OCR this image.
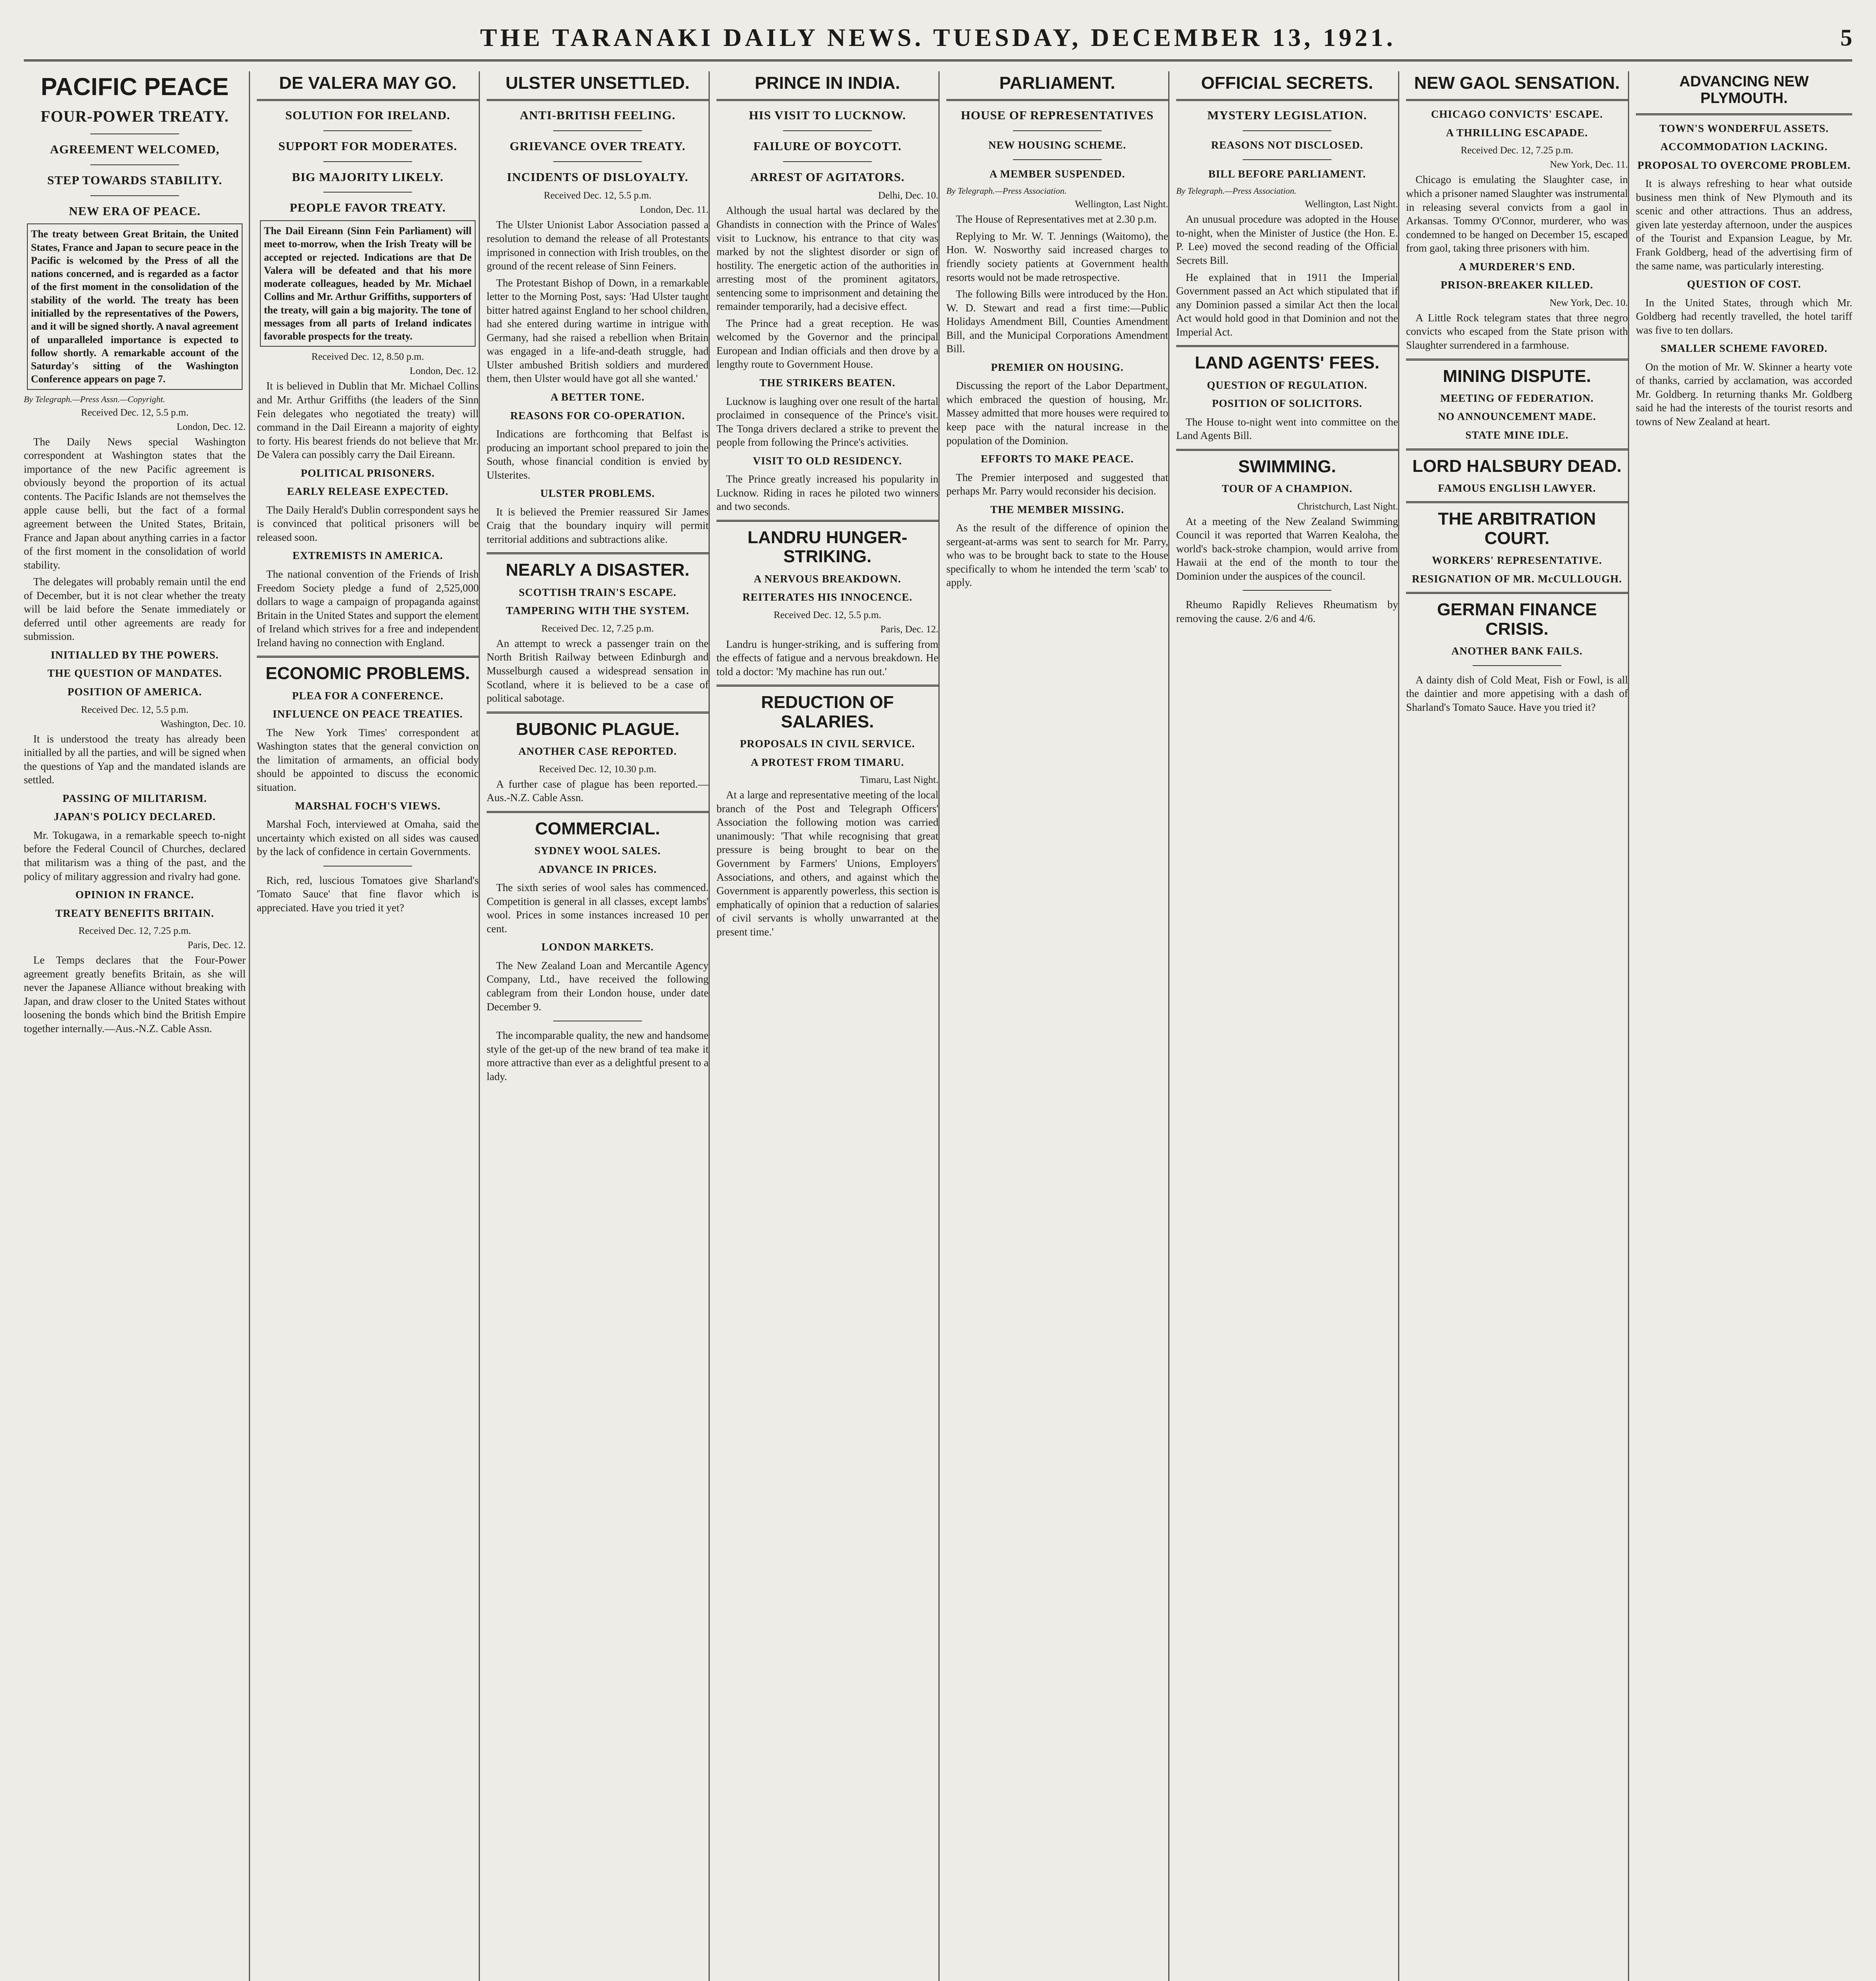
THE TARANAKI DAILY NEWS. TUESDAY, DECEMBER 13, 1921.	5
PACIFIC PEACE
FOUR-POWER TREATY.
AGREEMENT WELCOMED,
STEP TOWARDS STABILITY.
NEW ERA OF PEACE.
The treaty between Great Britain, the United States, France and Japan to secure peace in the Pacific is welcomed by the Press of all the nations concerned, and is regarded as a factor of the first moment in the consolidation of the stability of the world. The treaty has been initialled by the representatives of the Powers, and it will be signed shortly. A naval agreement of unparalleled importance is expected to follow shortly. A remarkable account of the Saturday's sitting of the Washington Conference appears on page 7.
By Telegraph.—Press Assn.—Copyright.
Received Dec. 12, 5.5 p.m.
London, Dec. 12.

The Daily News special Washington correspondent at Washington states that the importance of the new Pacific agreement is obviously beyond the proportion of its actual contents. The Pacific Islands are not themselves the apple cause belli, but the fact of a formal agreement between the United States, Britain, France and Japan about anything carries in a factor of the first moment in the consolidation of world stability.

The delegates will probably remain until the end of December, but it is not clear whether the treaty will be laid before the Senate immediately or deferred until other agreements are ready for submission.

INITIALLED BY THE POWERS.
THE QUESTION OF MANDATES.
POSITION OF AMERICA.
Received Dec. 12, 5.5 p.m.
Washington, Dec. 10.

It is understood the treaty has already been initialled by all the parties, and will be signed when the questions of Yap and the mandated islands are settled.

PASSING OF MILITARISM.
JAPAN'S POLICY DECLARED.

Mr. Tokugawa, in a remarkable speech to-night before the Federal Council of Churches, declared that militarism was a thing of the past, and the policy of military aggression and rivalry had gone.

OPINION IN FRANCE.
TREATY BENEFITS BRITAIN.
Received Dec. 12, 7.25 p.m.
Paris, Dec. 12.

Le Temps declares that the Four-Power agreement greatly benefits Britain, as she will never the Japanese Alliance without breaking with Japan, and draw closer to the United States without loosening the bonds which bind the British Empire together internally.—Aus.-N.Z. Cable Assn.

DE VALERA MAY GO.
SOLUTION FOR IRELAND.
SUPPORT FOR MODERATES.
BIG MAJORITY LIKELY.
PEOPLE FAVOR TREATY.
The Dail Eireann (Sinn Fein Parliament) will meet to-morrow, when the Irish Treaty will be accepted or rejected. Indications are that De Valera will be defeated and that his more moderate colleagues, headed by Mr. Michael Collins and Mr. Arthur Griffiths, supporters of the treaty, will gain a big majority. The tone of messages from all parts of Ireland indicates favorable prospects for the treaty.
Received Dec. 12, 8.50 p.m.
London, Dec. 12.

It is believed in Dublin that Mr. Michael Collins and Mr. Arthur Griffiths (the leaders of the Sinn Fein delegates who negotiated the treaty) will command in the Dail Eireann a majority of eighty to forty. His bearest friends do not believe that Mr. De Valera can possibly carry the Dail Eireann.

POLITICAL PRISONERS.
EARLY RELEASE EXPECTED.

The Daily Herald's Dublin correspondent says he is convinced that political prisoners will be released soon.

EXTREMISTS IN AMERICA.

The national convention of the Friends of Irish Freedom Society pledge a fund of 2,525,000 dollars to wage a campaign of propaganda against Britain in the United States and support the element of Ireland which strives for a free and independent Ireland having no connection with England.

ECONOMIC PROBLEMS.
PLEA FOR A CONFERENCE.
INFLUENCE ON PEACE TREATIES.

The New York Times' correspondent at Washington states that the general conviction on the limitation of armaments, an official body should be appointed to discuss the economic situation.

MARSHAL FOCH'S VIEWS.

Marshal Foch, interviewed at Omaha, said the uncertainty which existed on all sides was caused by the lack of confidence in certain Governments.

Rich, red, luscious Tomatoes give Sharland's 'Tomato Sauce' that fine flavor which is appreciated. Have you tried it yet?

ULSTER UNSETTLED.
ANTI-BRITISH FEELING.
GRIEVANCE OVER TREATY.
INCIDENTS OF DISLOYALTY.
Received Dec. 12, 5.5 p.m.
London, Dec. 11.

The Ulster Unionist Labor Association passed a resolution to demand the release of all Protestants imprisoned in connection with Irish troubles, on the ground of the recent release of Sinn Feiners.

The Protestant Bishop of Down, in a remarkable letter to the Morning Post, says: 'Had Ulster taught bitter hatred against England to her school children, had she entered during wartime in intrigue with Germany, had she raised a rebellion when Britain was engaged in a life-and-death struggle, had Ulster ambushed British soldiers and murdered them, then Ulster would have got all she wanted.'

A BETTER TONE.
REASONS FOR CO-OPERATION.

Indications are forthcoming that Belfast is producing an important school prepared to join the South, whose financial condition is envied by Ulsterites.

ULSTER PROBLEMS.

It is believed the Premier reassured Sir James Craig that the boundary inquiry will permit territorial additions and subtractions alike.

NEARLY A DISASTER.
SCOTTISH TRAIN'S ESCAPE.
TAMPERING WITH THE SYSTEM.
Received Dec. 12, 7.25 p.m.

An attempt to wreck a passenger train on the North British Railway between Edinburgh and Musselburgh caused a widespread sensation in Scotland, where it is believed to be a case of political sabotage.

BUBONIC PLAGUE.
ANOTHER CASE REPORTED.
Received Dec. 12, 10.30 p.m.

A further case of plague has been reported.—Aus.-N.Z. Cable Assn.

COMMERCIAL.
SYDNEY WOOL SALES.
ADVANCE IN PRICES.

The sixth series of wool sales has commenced. Competition is general in all classes, except lambs' wool. Prices in some instances increased 10 per cent.

LONDON MARKETS.

The New Zealand Loan and Mercantile Agency Company, Ltd., have received the following cablegram from their London house, under date December 9.

The incomparable quality, the new and handsome style of the get-up of the new brand of tea make it more attractive than ever as a delightful present to a lady.

PRINCE IN INDIA.
HIS VISIT TO LUCKNOW.
FAILURE OF BOYCOTT.
ARREST OF AGITATORS.
Delhi, Dec. 10.

Although the usual hartal was declared by the Ghandists in connection with the Prince of Wales' visit to Lucknow, his entrance to that city was marked by not the slightest disorder or sign of hostility. The energetic action of the authorities in arresting most of the prominent agitators, sentencing some to imprisonment and detaining the remainder temporarily, had a decisive effect.

The Prince had a great reception. He was welcomed by the Governor and the principal European and Indian officials and then drove by a lengthy route to Government House.

THE STRIKERS BEATEN.

Lucknow is laughing over one result of the hartal proclaimed in consequence of the Prince's visit. The Tonga drivers declared a strike to prevent the people from following the Prince's activities.

VISIT TO OLD RESIDENCY.

The Prince greatly increased his popularity in Lucknow. Riding in races he piloted two winners and two seconds.

LANDRU HUNGER-STRIKING.
A NERVOUS BREAKDOWN.
REITERATES HIS INNOCENCE.
Received Dec. 12, 5.5 p.m.
Paris, Dec. 12.

Landru is hunger-striking, and is suffering from the effects of fatigue and a nervous breakdown. He told a doctor: 'My machine has run out.'

REDUCTION OF SALARIES.
PROPOSALS IN CIVIL SERVICE.
A PROTEST FROM TIMARU.
Timaru, Last Night.

At a large and representative meeting of the local branch of the Post and Telegraph Officers' Association the following motion was carried unanimously: 'That while recognising that great pressure is being brought to bear on the Government by Farmers' Unions, Employers' Associations, and others, and against which the Government is apparently powerless, this section is emphatically of opinion that a reduction of salaries of civil servants is wholly unwarranted at the present time.'

PARLIAMENT.
HOUSE OF REPRESENTATIVES
NEW HOUSING SCHEME.
A MEMBER SUSPENDED.
By Telegraph.—Press Association.
Wellington, Last Night.

The House of Representatives met at 2.30 p.m.

Replying to Mr. W. T. Jennings (Waitomo), the Hon. W. Nosworthy said increased charges to friendly society patients at Government health resorts would not be made retrospective.

The following Bills were introduced by the Hon. W. D. Stewart and read a first time:—Public Holidays Amendment Bill, Counties Amendment Bill, and the Municipal Corporations Amendment Bill.

PREMIER ON HOUSING.

Discussing the report of the Labor Department, which embraced the question of housing, Mr. Massey admitted that more houses were required to keep pace with the natural increase in the population of the Dominion.

EFFORTS TO MAKE PEACE.

The Premier interposed and suggested that perhaps Mr. Parry would reconsider his decision.

THE MEMBER MISSING.

As the result of the difference of opinion the sergeant-at-arms was sent to search for Mr. Parry, who was to be brought back to state to the House specifically to whom he intended the term 'scab' to apply.

OFFICIAL SECRETS.
MYSTERY LEGISLATION.
REASONS NOT DISCLOSED.
BILL BEFORE PARLIAMENT.
By Telegraph.—Press Association.
Wellington, Last Night.

An unusual procedure was adopted in the House to-night, when the Minister of Justice (the Hon. E. P. Lee) moved the second reading of the Official Secrets Bill.

He explained that in 1911 the Imperial Government passed an Act which stipulated that if any Dominion passed a similar Act then the local Act would hold good in that Dominion and not the Imperial Act.

LAND AGENTS' FEES.
QUESTION OF REGULATION.
POSITION OF SOLICITORS.

The House to-night went into committee on the Land Agents Bill.

SWIMMING.
TOUR OF A CHAMPION.
Christchurch, Last Night.

At a meeting of the New Zealand Swimming Council it was reported that Warren Kealoha, the world's back-stroke champion, would arrive from Hawaii at the end of the month to tour the Dominion under the auspices of the council.

Rheumo Rapidly Relieves Rheumatism by removing the cause. 2/6 and 4/6.

NEW GAOL SENSATION.
CHICAGO CONVICTS' ESCAPE.
A THRILLING ESCAPADE.
Received Dec. 12, 7.25 p.m.
New York, Dec. 11.

Chicago is emulating the Slaughter case, in which a prisoner named Slaughter was instrumental in releasing several convicts from a gaol in Arkansas. Tommy O'Connor, murderer, who was condemned to be hanged on December 15, escaped from gaol, taking three prisoners with him.

A MURDERER'S END.
PRISON-BREAKER KILLED.
New York, Dec. 10.

A Little Rock telegram states that three negro convicts who escaped from the State prison with Slaughter surrendered in a farmhouse.

MINING DISPUTE.
MEETING OF FEDERATION.
NO ANNOUNCEMENT MADE.
STATE MINE IDLE.
LORD HALSBURY DEAD.
FAMOUS ENGLISH LAWYER.
THE ARBITRATION COURT.
WORKERS' REPRESENTATIVE.
RESIGNATION OF MR. McCULLOUGH.
GERMAN FINANCE CRISIS.
ANOTHER BANK FAILS.

A dainty dish of Cold Meat, Fish or Fowl, is all the daintier and more appetising with a dash of Sharland's Tomato Sauce. Have you tried it?

ADVANCING NEW PLYMOUTH.
TOWN'S WONDERFUL ASSETS.
ACCOMMODATION LACKING.
PROPOSAL TO OVERCOME PROBLEM.

It is always refreshing to hear what outside business men think of New Plymouth and its scenic and other attractions. Thus an address, given late yesterday afternoon, under the auspices of the Tourist and Expansion League, by Mr. Frank Goldberg, head of the advertising firm of the same name, was particularly interesting.

QUESTION OF COST.

In the United States, through which Mr. Goldberg had recently travelled, the hotel tariff was five to ten dollars.

SMALLER SCHEME FAVORED.

On the motion of Mr. W. Skinner a hearty vote of thanks, carried by acclamation, was accorded Mr. Goldberg. In returning thanks Mr. Goldberg said he had the interests of the tourist resorts and towns of New Zealand at heart.
